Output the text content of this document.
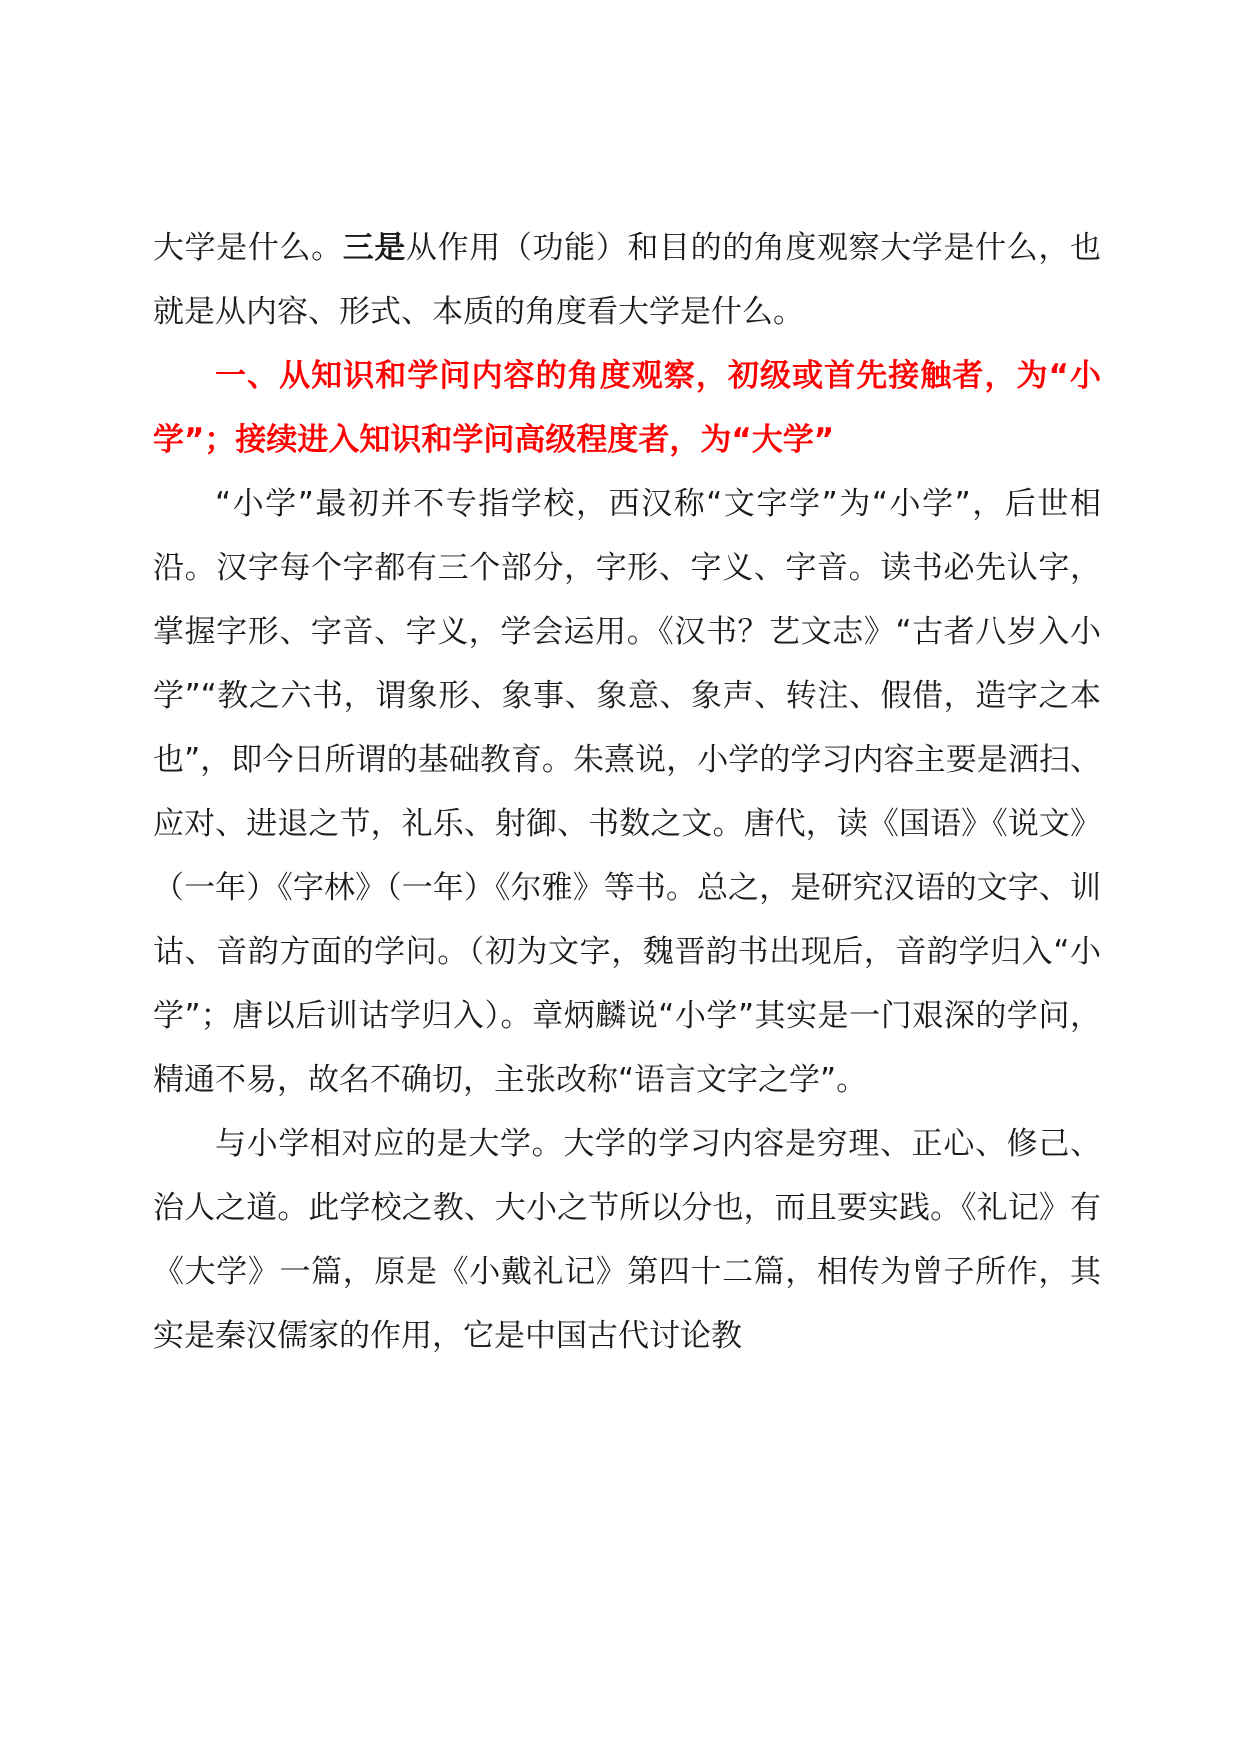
大学是什么。三是从作用（功能）和目的的角度观察大学是什么，也就是从内容、形式、本质的角度看大学是什么。

一、从知识和学问内容的角度观察，初级或首先接触者，为“小学”；接续进入知识和学问高级程度者，为“大学”

“小学”最初并不专指学校，西汉称“文字学”为“小学”，后世相沿。汉字每个字都有三个部分，字形、字义、字音。读书必先认字，掌握字形、字音、字义，学会运用。《汉书？艺文志》“古者八岁入小学”“教之六书，谓象形、象事、象意、象声、转注、假借，造字之本也”，即今日所谓的基础教育。朱熹说，小学的学习内容主要是洒扫、应对、进退之节，礼乐、射御、书数之文。唐代，读《国语》《说文》（一年）《字林》（一年）《尔雅》等书。总之，是研究汉语的文字、训诂、音韵方面的学问。（初为文字，魏晋韵书出现后，音韵学归入“小学”；唐以后训诂学归入）。章炳麟说“小学”其实是一门艰深的学问，精通不易，故名不确切，主张改称“语言文字之学”。

与小学相对应的是大学。大学的学习内容是穷理、正心、修己、治人之道。此学校之教、大小之节所以分也，而且要实践。《礼记》有《大学》一篇，原是《小戴礼记》第四十二篇，相传为曾子所作，其实是秦汉儒家的作用，它是中国古代讨论教
